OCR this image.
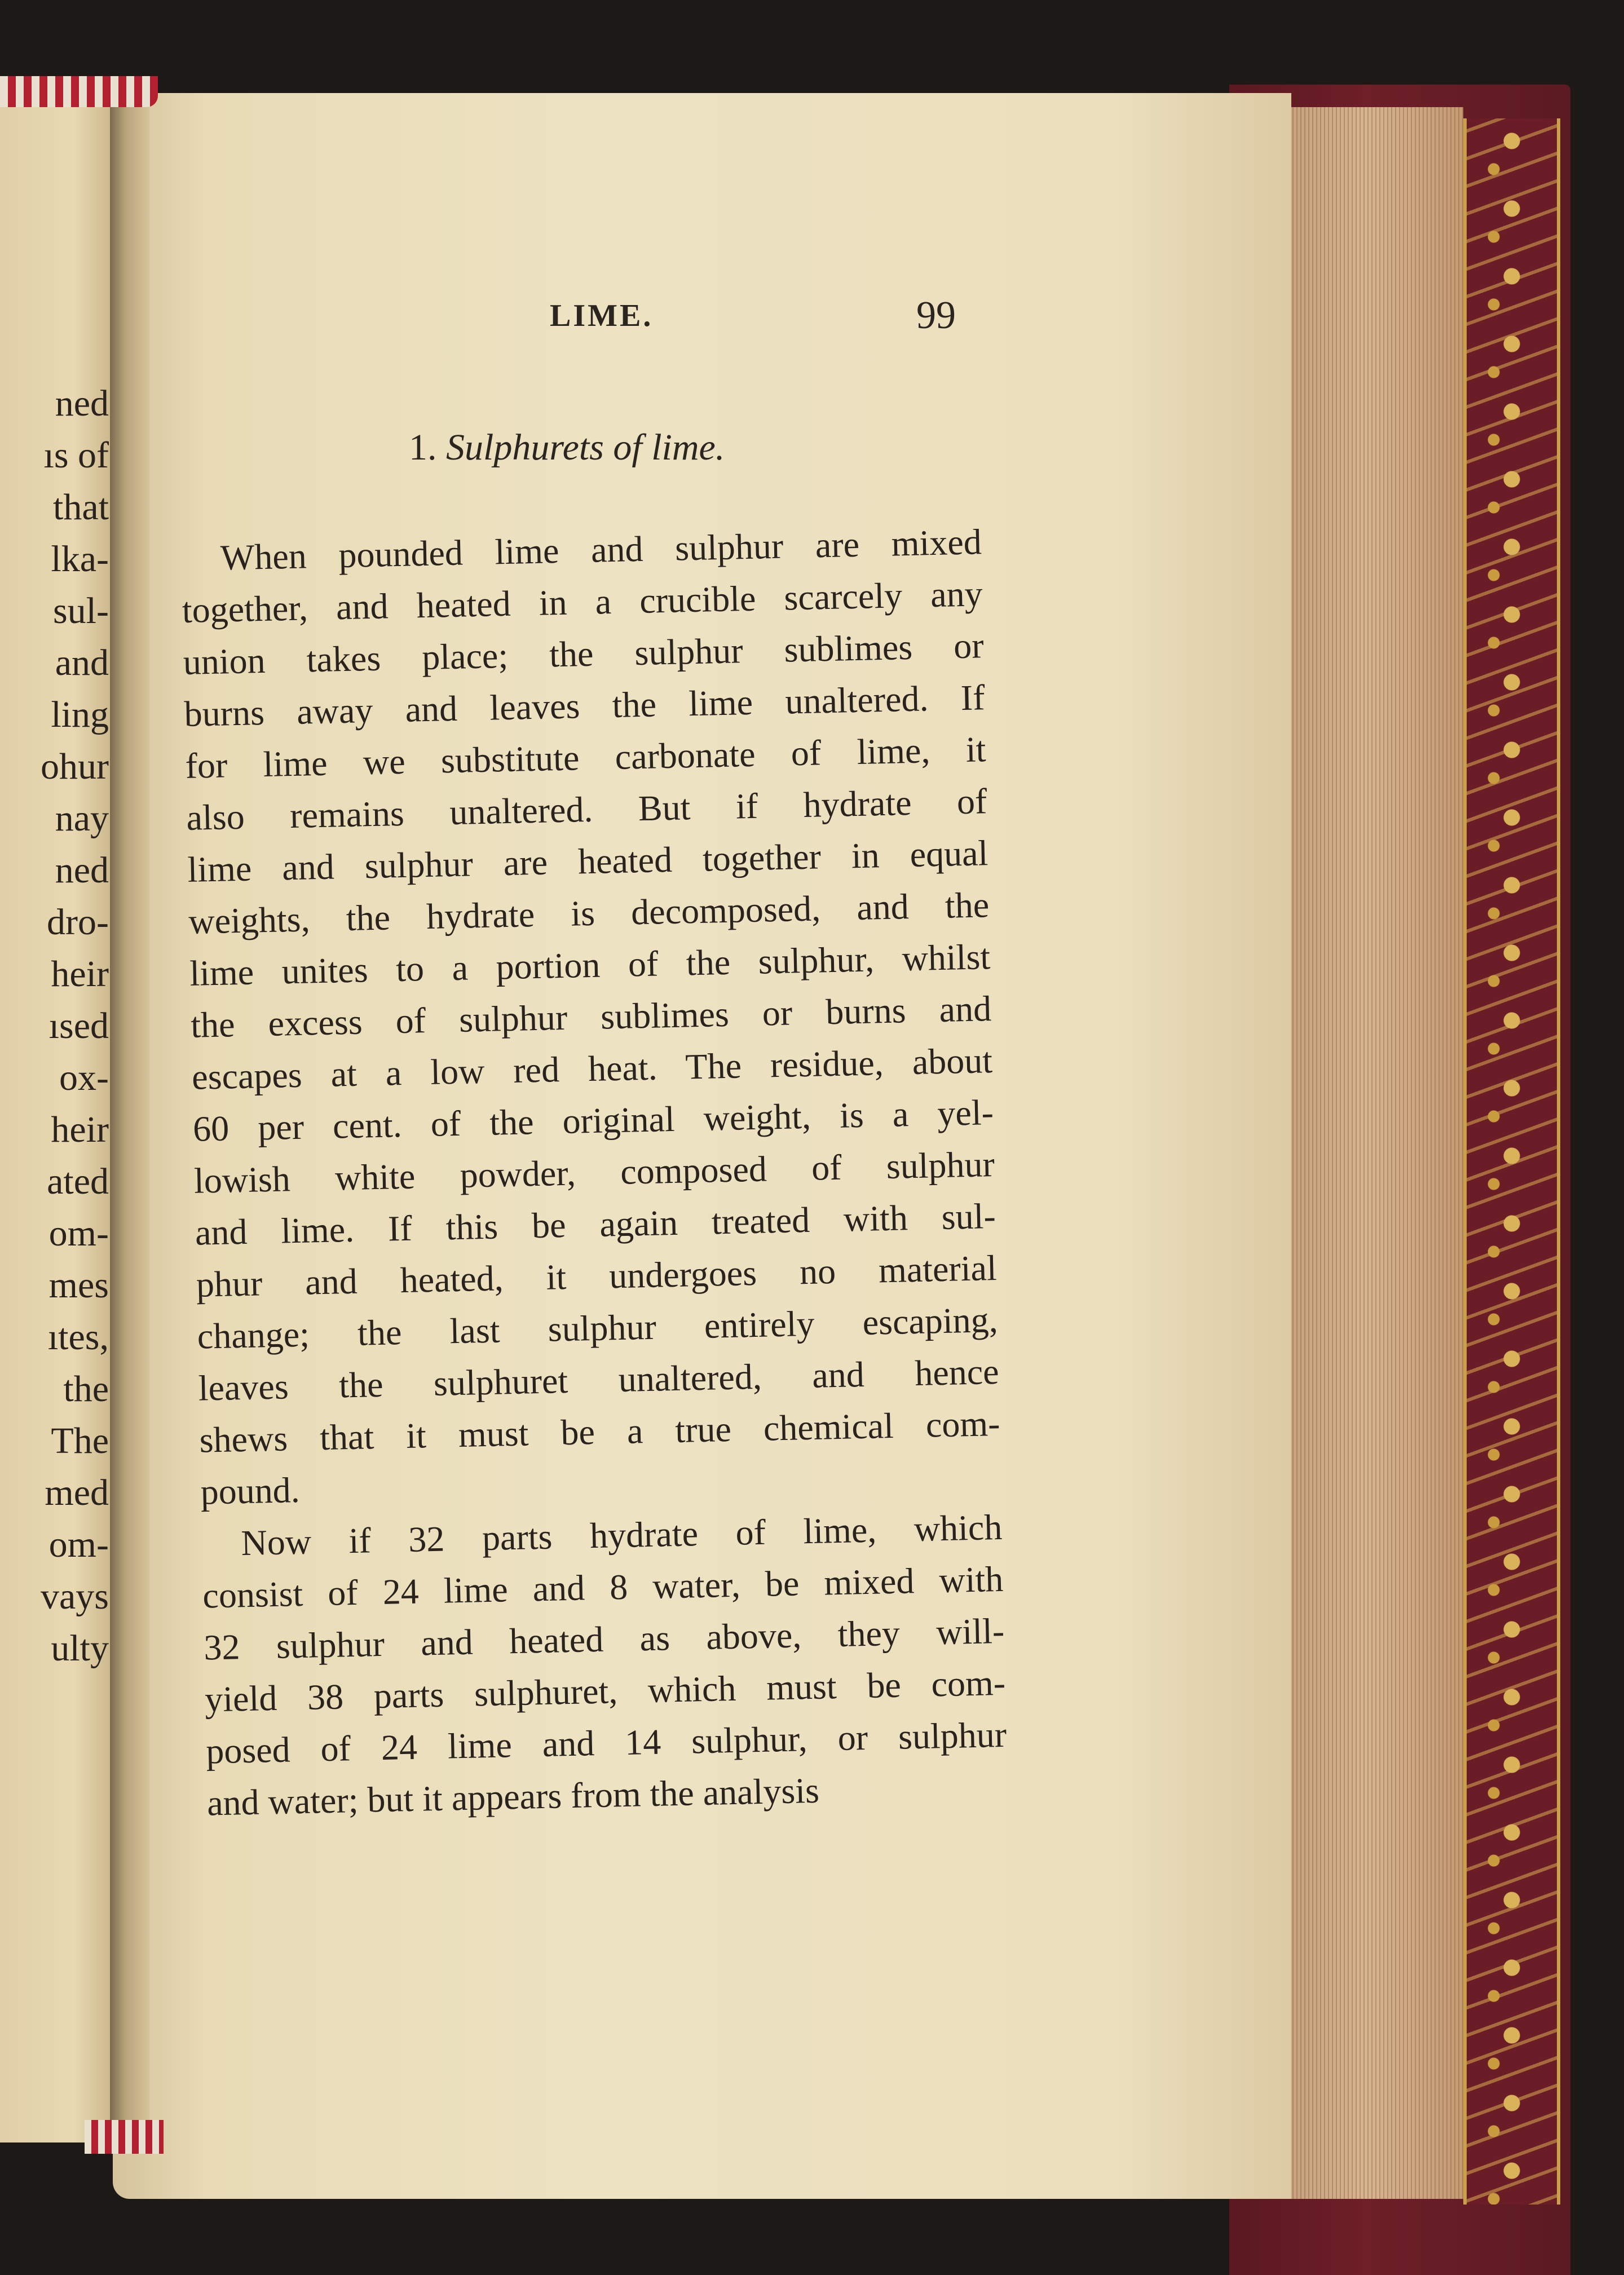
ned
ıs of
that
lka-
sul-
and
ling
ohur
nay
ned
dro-
heir
ısed
ox-
heir
ated
om-
mes
ıtes,
the
The
med
om-
vays
ulty
LIME.	99
1. Sulphurets of lime.
When pounded lime and sulphur are mixed
together, and heated in a crucible scarcely any
union takes place; the sulphur sublimes or
burns away and leaves the lime unaltered. If
for lime we substitute carbonate of lime, it
also remains unaltered. But if hydrate of
lime and sulphur are heated together in equal
weights, the hydrate is decomposed, and the
lime unites to a portion of the sulphur, whilst
the excess of sulphur sublimes or burns and
escapes at a low red heat. The residue, about
60 per cent. of the original weight, is a yel-
lowish white powder, composed of sulphur
and lime. If this be again treated with sul-
phur and heated, it undergoes no material
change; the last sulphur entirely escaping,
leaves the sulphuret unaltered, and hence
shews that it must be a true chemical com-
pound.
Now if 32 parts hydrate of lime, which
consist of 24 lime and 8 water, be mixed with
32 sulphur and heated as above, they will-
yield 38 parts sulphuret, which must be com-
posed of 24 lime and 14 sulphur, or sulphur
and water; but it appears from the analysis
